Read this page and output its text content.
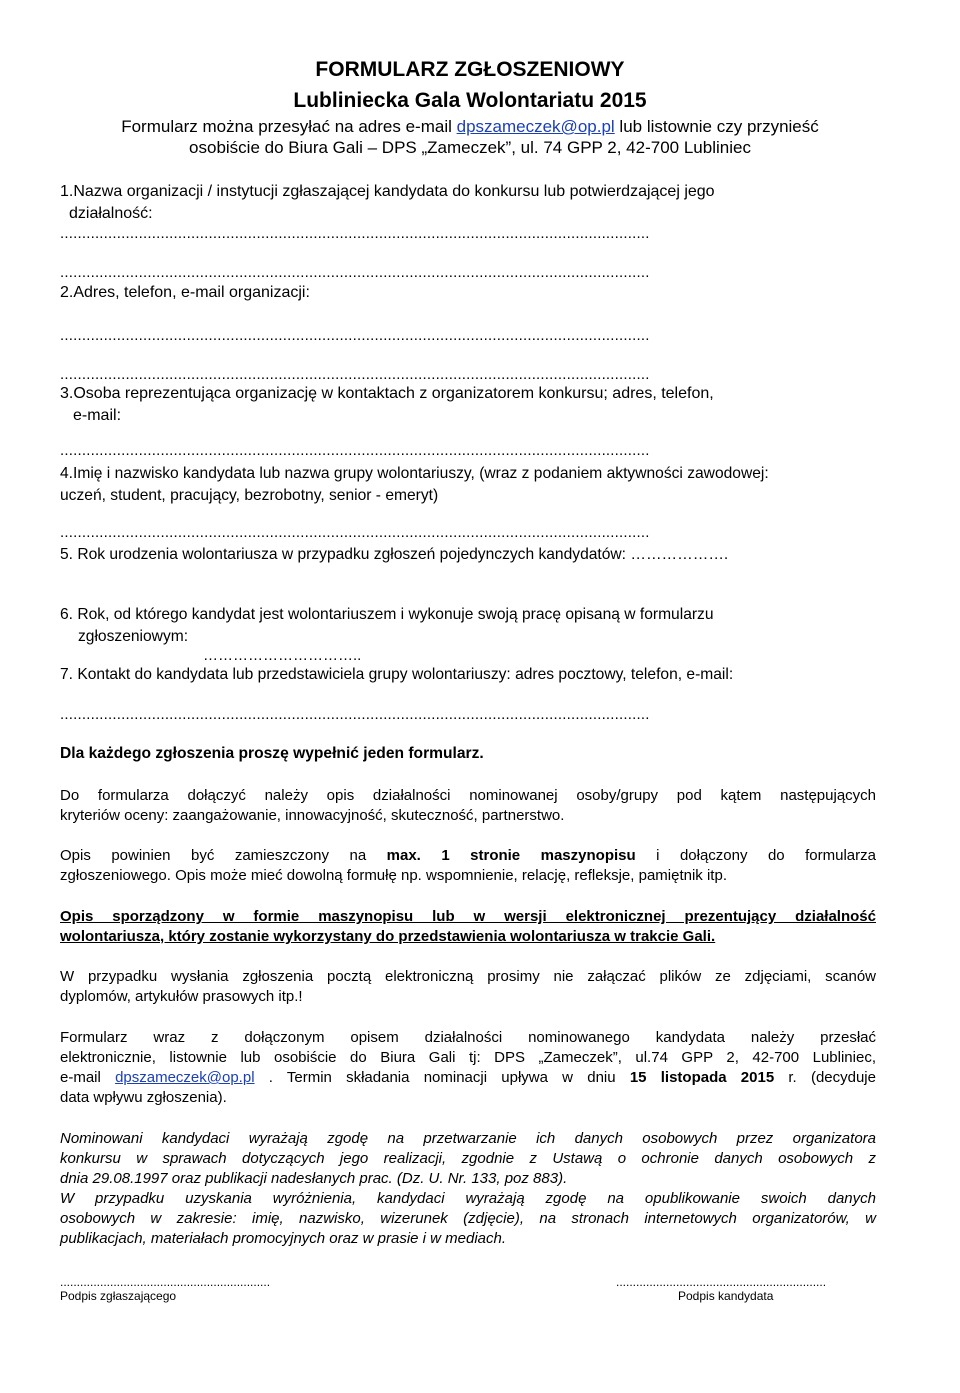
FORMULARZ ZGŁOSZENIOWY
Lubliniecka Gala Wolontariatu 2015
Formularz można przesyłać na adres e-mail dpszameczek@op.pl lub listownie czy przynieść
osobiście do Biura Gali – DPS „Zameczek”, ul. 74 GPP 2, 42-700 Lubliniec
1.Nazwa organizacji / instytucji zgłaszającej kandydata do konkursu lub potwierdzającej jego
działalność:
.......................................................................................................................................
.......................................................................................................................................
2.Adres, telefon, e-mail organizacji:
.......................................................................................................................................
.......................................................................................................................................
3.Osoba reprezentująca organizację w kontaktach z organizatorem konkursu; adres, telefon,
e-mail:
.......................................................................................................................................
4.Imię i nazwisko kandydata lub nazwa grupy wolontariuszy, (wraz z podaniem aktywności zawodowej:
uczeń, student, pracujący, bezrobotny, senior - emeryt)
.......................................................................................................................................
5. Rok urodzenia wolontariusza w przypadku zgłoszeń pojedynczych kandydatów: ……………….
6. Rok, od którego kandydat jest wolontariuszem i wykonuje swoją pracę opisaną w formularzu
zgłoszeniowym:
…………………………..
7. Kontakt do kandydata lub przedstawiciela grupy wolontariuszy: adres pocztowy, telefon, e-mail:
.......................................................................................................................................
Dla każdego zgłoszenia proszę wypełnić jeden formularz.
Do formularza dołączyć należy opis działalności nominowanej osoby/grupy pod kątem następujących
kryteriów oceny: zaangażowanie, innowacyjność, skuteczność, partnerstwo.
Opis powinien być zamieszczony na max. 1 stronie maszynopisu i dołączony do formularza
zgłoszeniowego. Opis może mieć dowolną formułę np. wspomnienie, relację, refleksje, pamiętnik itp.
Opis sporządzony w formie maszynopisu lub w wersji elektronicznej prezentujący działalność
wolontariusza, który zostanie wykorzystany do przedstawienia wolontariusza w trakcie Gali.
W przypadku wysłania zgłoszenia pocztą elektroniczną prosimy nie załączać plików ze zdjęciami, scanów
dyplomów, artykułów prasowych itp.!
Formularz wraz z dołączonym opisem działalności nominowanego kandydata należy przesłać
elektronicznie, listownie lub osobiście do Biura Gali tj: DPS „Zameczek”, ul.74 GPP 2, 42-700 Lubliniec,
e-mail dpszameczek@op.pl . Termin składania nominacji upływa w dniu 15 listopada 2015 r. (decyduje
data wpływu zgłoszenia).
Nominowani kandydaci wyrażają zgodę na przetwarzanie ich danych osobowych przez organizatora
konkursu w sprawach dotyczących jego realizacji, zgodnie z Ustawą o ochronie danych osobowych z
dnia 29.08.1997 oraz publikacji nadesłanych prac. (Dz. U. Nr. 133, poz 883).
W przypadku uzyskania wyróżnienia, kandydaci wyrażają zgodę na opublikowanie swoich danych
osobowych w zakresie: imię, nazwisko, wizerunek (zdjęcie), na stronach internetowych organizatorów, w
publikacjach, materiałach promocyjnych oraz w prasie i w mediach.
...............................................................
Podpis zgłaszającego
...............................................................
Podpis kandydata
